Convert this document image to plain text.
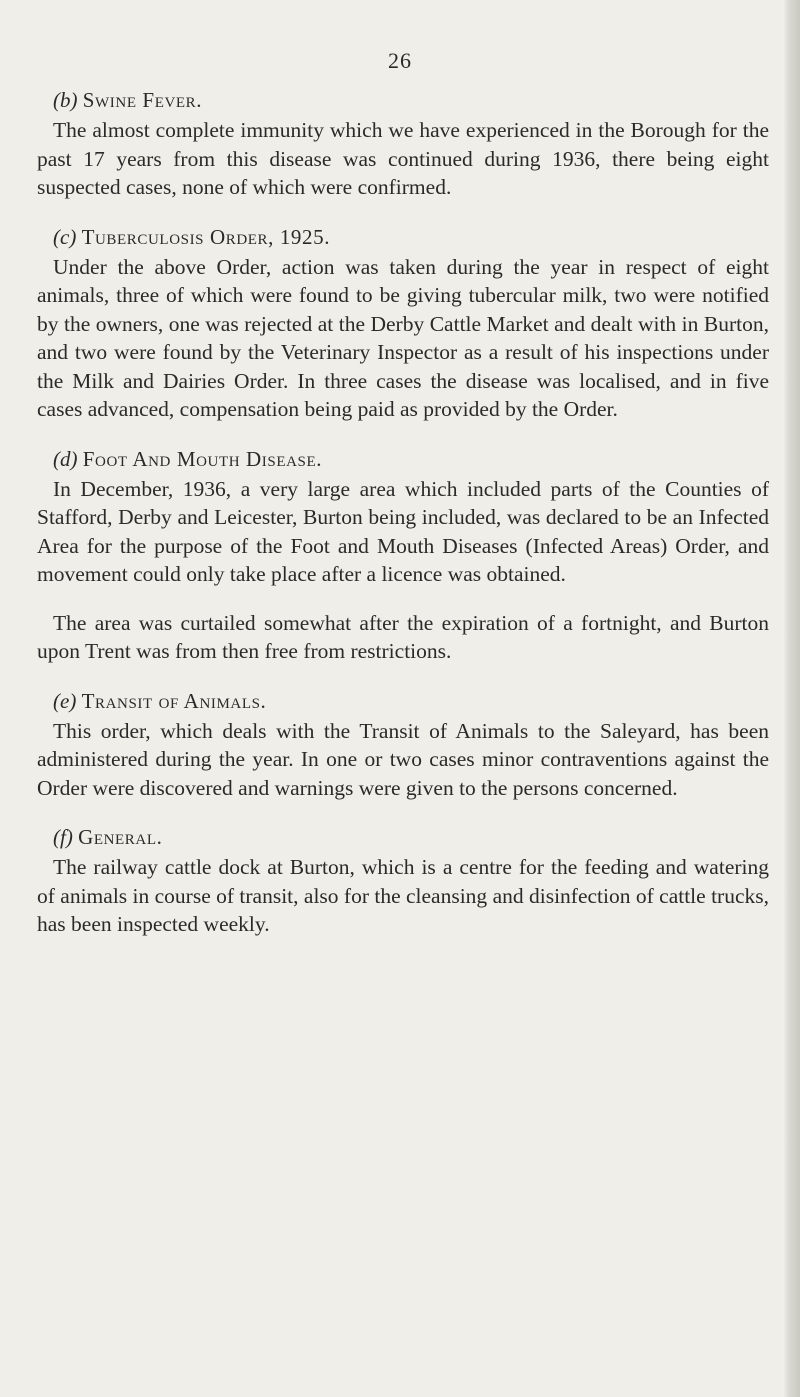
26
(b) Swine Fever.

The almost complete immunity which we have experienced in the Borough for the past 17 years from this disease was continued during 1936, there being eight suspected cases, none of which were confirmed.

(c) Tuberculosis Order, 1925.

Under the above Order, action was taken during the year in respect of eight animals, three of which were found to be giving tubercular milk, two were notified by the owners, one was rejected at the Derby Cattle Market and dealt with in Burton, and two were found by the Veterinary Inspector as a result of his inspections under the Milk and Dairies Order. In three cases the disease was localised, and in five cases advanced, compensation being paid as provided by the Order.

(d) Foot And Mouth Disease.

In December, 1936, a very large area which included parts of the Counties of Stafford, Derby and Leicester, Burton being included, was declared to be an Infected Area for the purpose of the Foot and Mouth Diseases (Infected Areas) Order, and movement could only take place after a licence was obtained.

The area was curtailed somewhat after the expiration of a fortnight, and Burton upon Trent was from then free from restrictions.

(e) Transit of Animals.

This order, which deals with the Transit of Animals to the Saleyard, has been administered during the year. In one or two cases minor contraventions against the Order were discovered and warnings were given to the persons concerned.

(f) General.

The railway cattle dock at Burton, which is a centre for the feeding and watering of animals in course of transit, also for the cleansing and disinfection of cattle trucks, has been inspected weekly.
